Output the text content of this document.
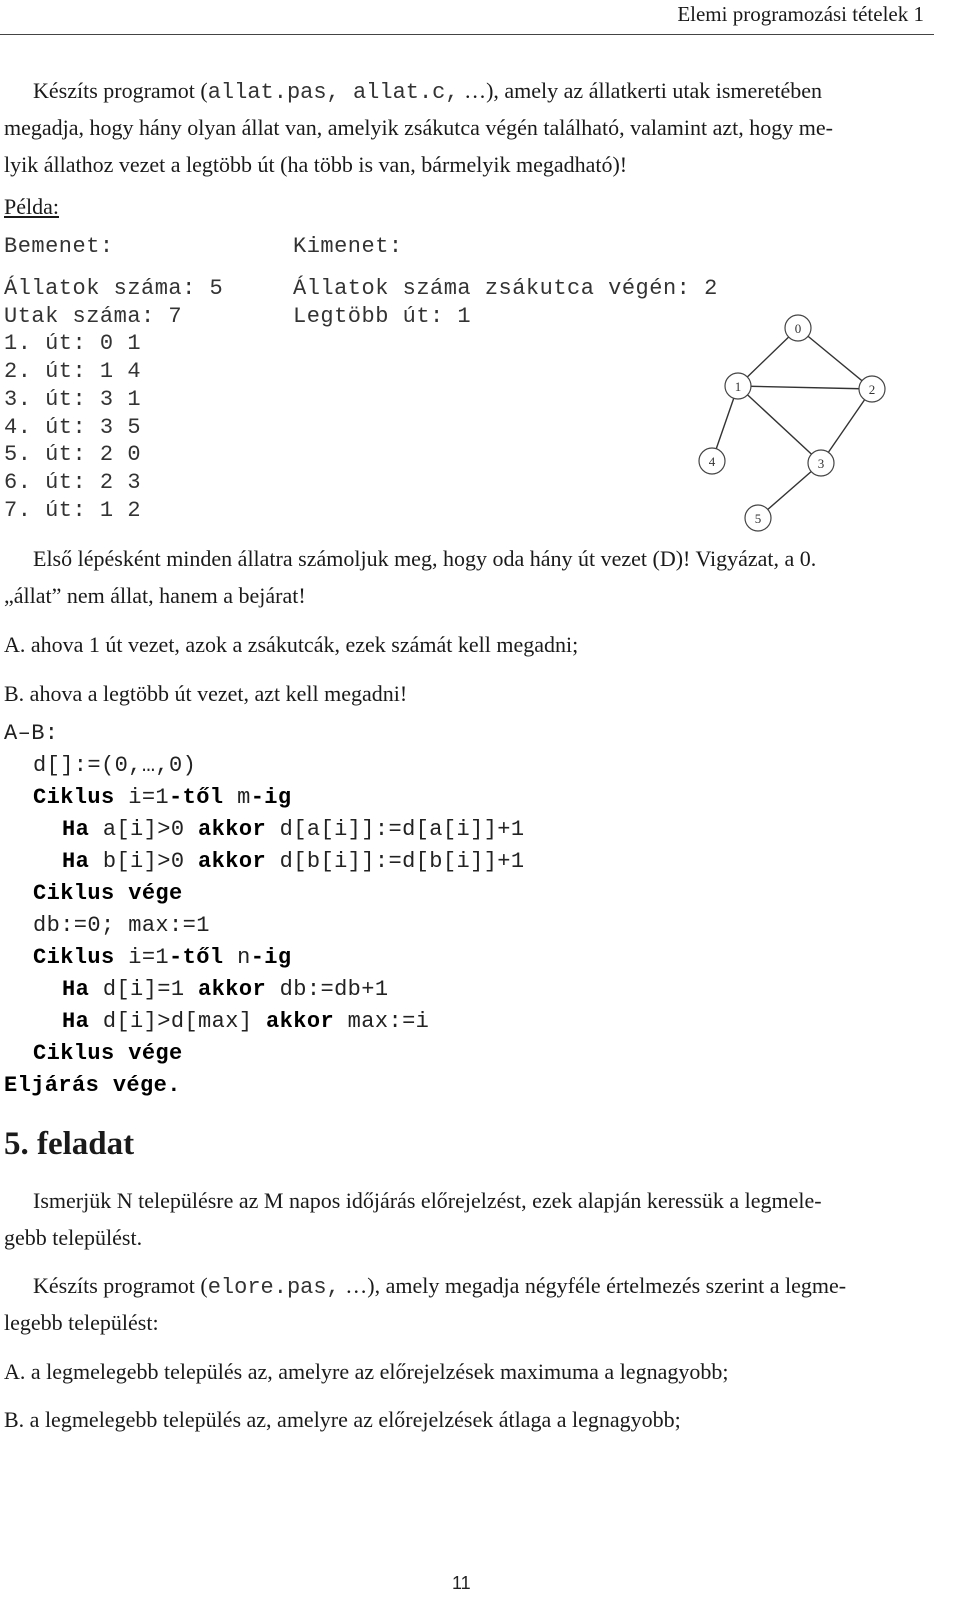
Elemi programozási tételek 1
Készíts programot (allat.pas, allat.c, …), amely az állatkerti utak ismeretében
megadja, hogy hány olyan állat van, amelyik zsákutca végén található, valamint azt, hogy me-
lyik állathoz vezet a legtöbb út (ha több is van, bármelyik megadható)!
Példa:
Bemenet:	Kimenet:
Állatok száma: 5
Utak száma: 7
1. út: 0 1
2. út: 1 4
3. út: 3 1
4. út: 3 5
5. út: 2 0
6. út: 2 3
7. út: 1 2
Állatok száma zsákutca végén: 2
Legtöbb út: 1	0
1	2
3
4
5
Első lépésként minden állatra számoljuk meg, hogy oda hány út vezet (D)! Vigyázat, a 0.
„állat” nem állat, hanem a bejárat!
A. ahova 1 út vezet, azok a zsákutcák, ezek számát kell megadni;
B. ahova a legtöbb út vezet, azt kell megadni!
A–B:
d[]:=(0,…,0)
Ciklus i=1-től m-ig
Ha a[i]>0 akkor d[a[i]]:=d[a[i]]+1
Ha b[i]>0 akkor d[b[i]]:=d[b[i]]+1
Ciklus vége
db:=0; max:=1
Ciklus i=1-től n-ig
Ha d[i]=1 akkor db:=db+1
Ha d[i]>d[max] akkor max:=i
Ciklus vége
Eljárás vége.
5. feladat
Ismerjük N településre az M napos időjárás előrejelzést, ezek alapján keressük a legmele-
gebb települést.
Készíts programot (elore.pas, …), amely megadja négyféle értelmezés szerint a legme-
legebb települést:
A. a legmelegebb település az, amelyre az előrejelzések maximuma a legnagyobb;
B. a legmelegebb település az, amelyre az előrejelzések átlaga a legnagyobb;
11
